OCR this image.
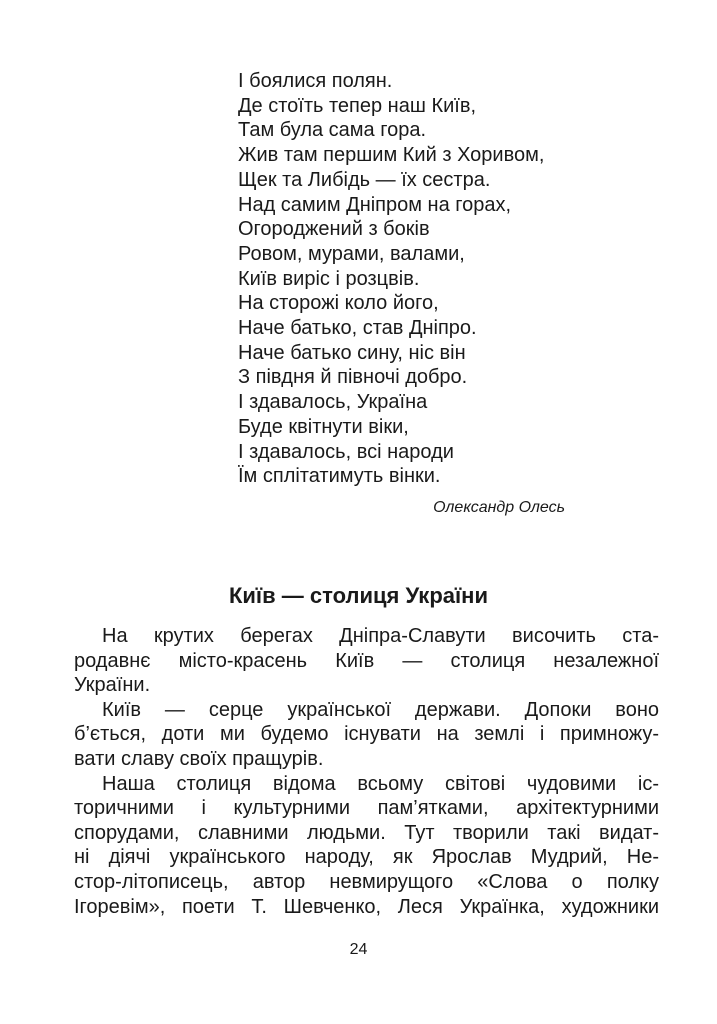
І боялися полян.
Де стоїть тепер наш Київ,
Там була сама гора.
Жив там першим Кий з Хоривом,
Щек та Либідь — їх сестра.
Над самим Дніпром на горах,
Огороджений з боків
Ровом, мурами, валами,
Київ виріс і розцвів.
На сторожі коло його,
Наче батько, став Дніпро.
Наче батько сину, ніс він
З півдня й півночі добро.
І здавалось, Україна
Буде квітнути віки,
І здавалось, всі народи
Їм сплітатимуть вінки.
Олександр Олесь
Київ — столиця України
На крутих берегах Дніпра-Славути височить ста-
родавнє місто-красень Київ — столиця незалежної
України.
Київ — серце української держави. Допоки воно
б’ється, доти ми будемо існувати на землі і примножу-
вати славу своїх пращурів.
Наша столиця відома всьому світові чудовими іс-
торичними і культурними пам’ятками, архітектурними
спорудами, славними людьми. Тут творили такі видат-
ні діячі українського народу, як Ярослав Мудрий, Не-
стор-літописець, автор невмирущого «Слова о полку
Ігоревім», поети Т. Шевченко, Леся Українка, художники
24
